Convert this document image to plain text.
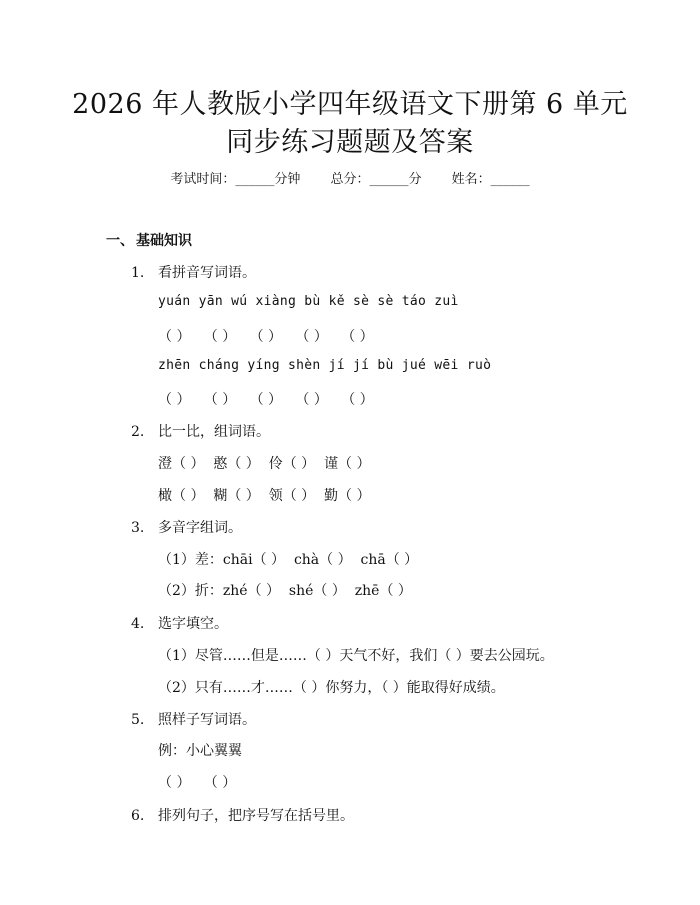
2026 年人教版小学四年级语文下册第 6 单元
同步练习题题及答案
考试时间：______分钟 总分：______分 姓名：______
一、 基础知识
1. 看拼音写词语。
yuán yān wú xiàng bù kě sè sè táo zuì
（ ）   （ ）   （ ）   （ ）   （ ）
zhēn cháng yíng shèn jí jí bù jué wēi ruò
（ ）   （ ）   （ ）   （ ）   （ ）
2. 比一比，组词语。
澄（ ）  憨（ ）  伶（ ）  谨（ ）
橄（ ）  糊（ ）  领（ ）  勤（ ）
3. 多音字组词。
（1）差：chāi（ ）  chà（ ）  chā（ ）
（2）折：zhé（ ）  shé（ ）  zhē（ ）
4. 选字填空。
（1）尽管……但是……（ ）天气不好，我们（ ）要去公园玩。
（2）只有……才……（ ）你努力，（ ）能取得好成绩。
5. 照样子写词语。
例：小心翼翼
（ ）   （ ）
6. 排列句子，把序号写在括号里。
